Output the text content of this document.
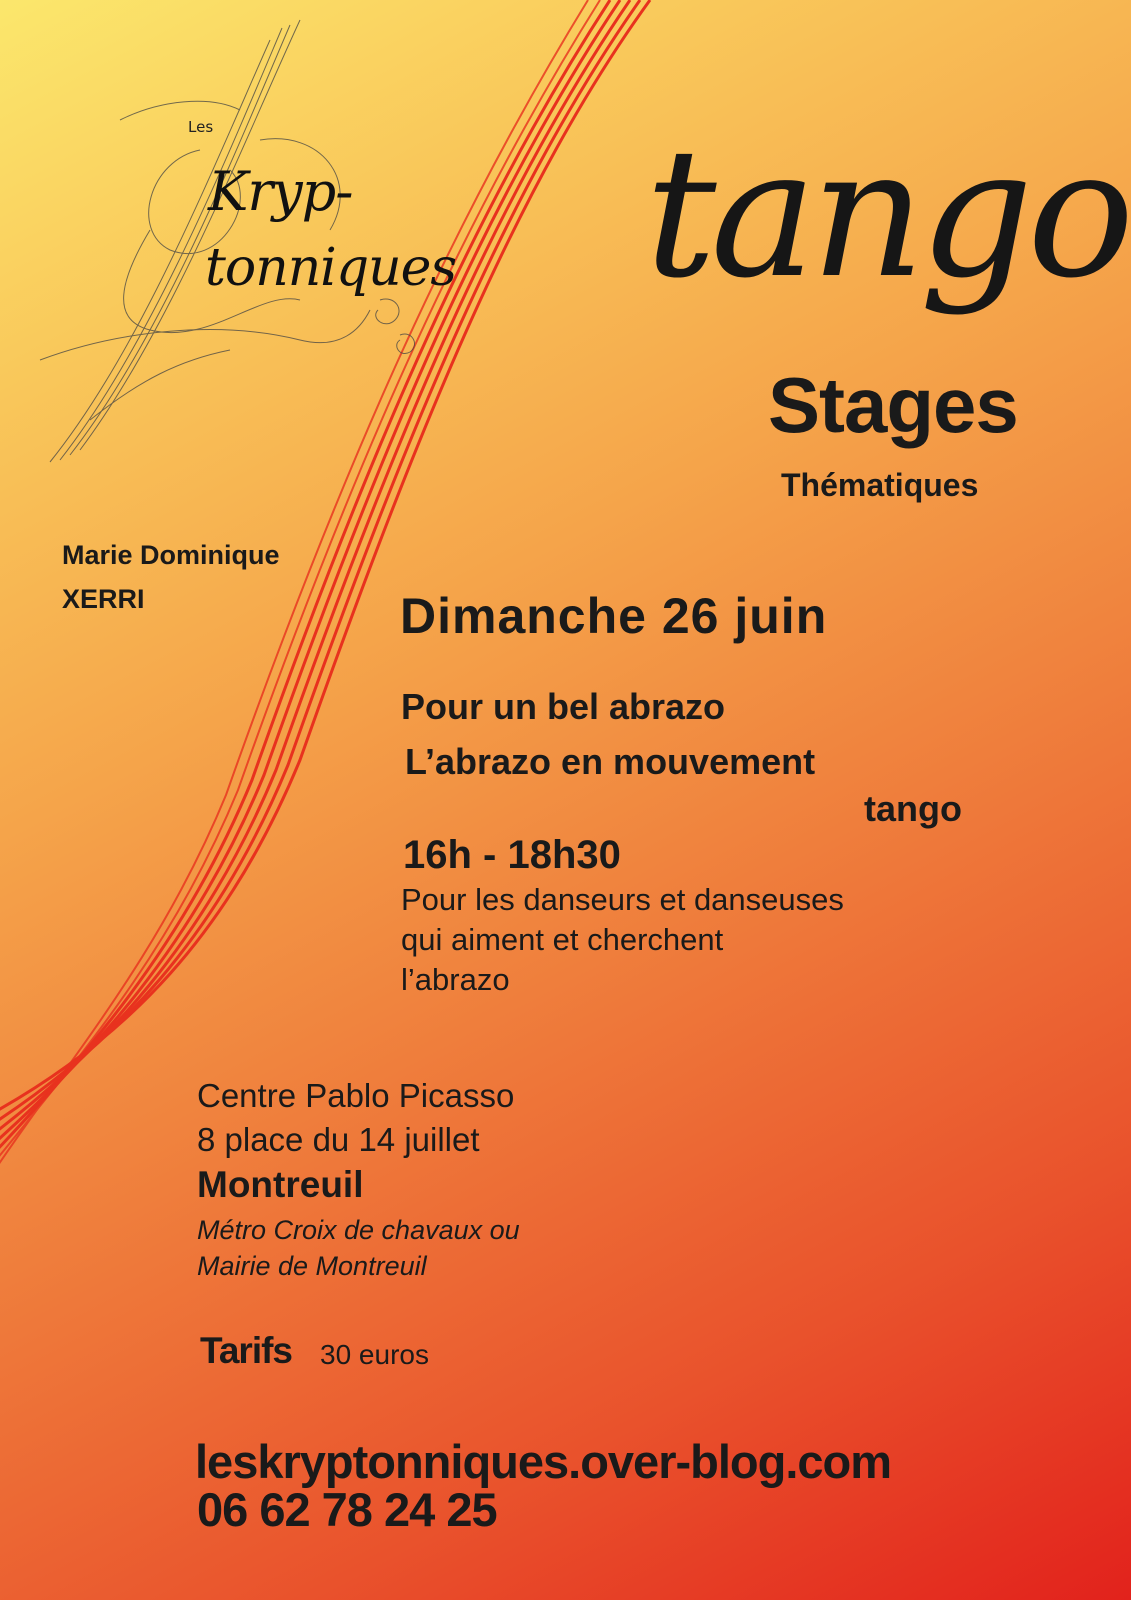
Les
Kryp-
tonniques tango
Stages
Thématiques
Marie Dominique
XERRI	Dimanche 26 juin
Pour un bel abrazo
L’abrazo en mouvement
tango
16h - 18h30
Pour les danseurs et danseuses
qui aiment et cherchent
l’abrazo
Centre Pablo Picasso
8 place du 14 juillet
Montreuil
Métro Croix de chavaux ou
Mairie de Montreuil
Tarifs 30 euros
leskryptonniques.over-blog.com
06 62 78 24 25
